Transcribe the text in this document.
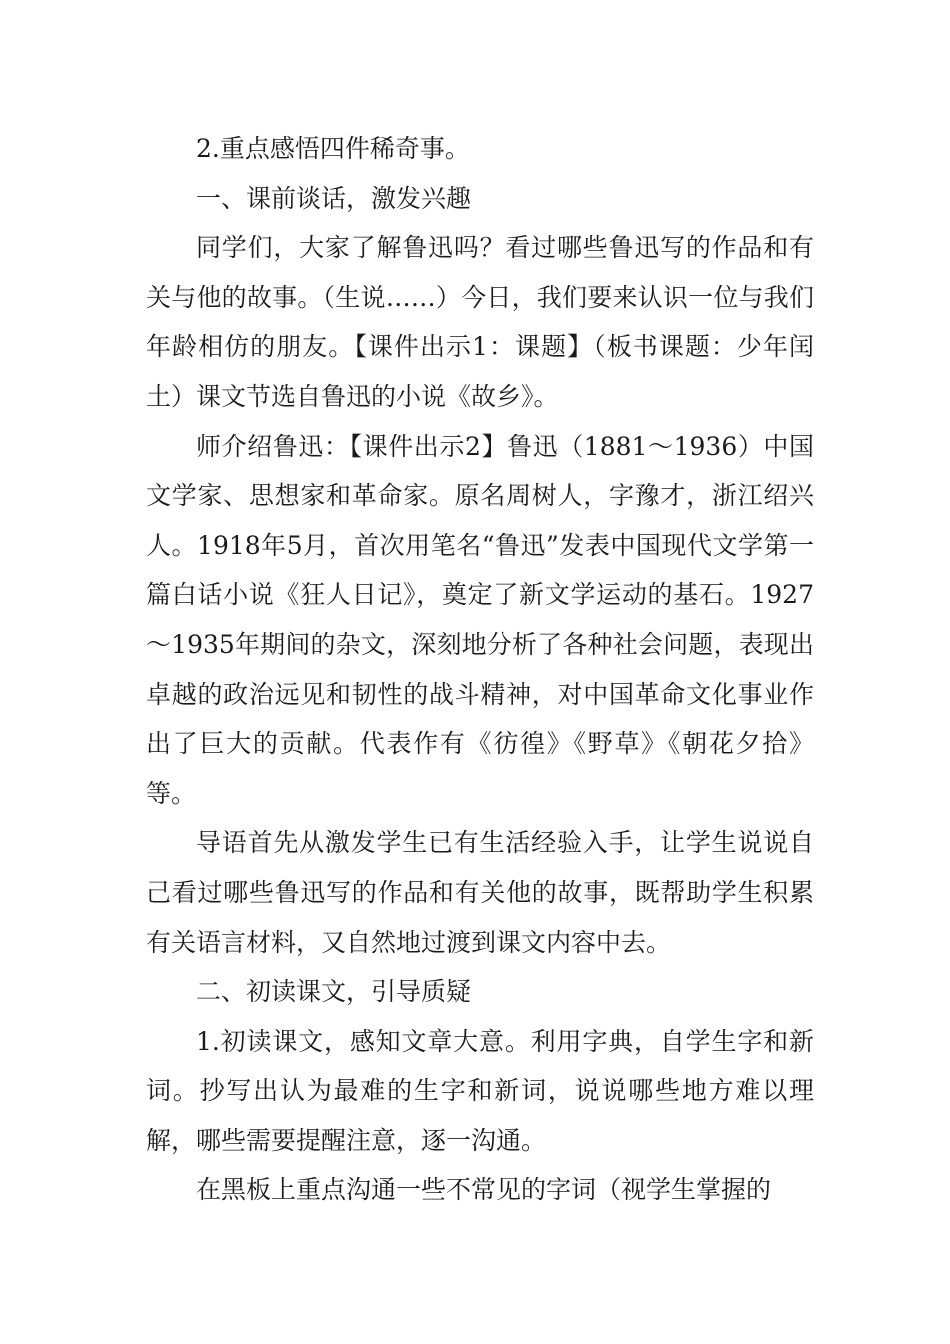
2.重点感悟四件稀奇事。

一、课前谈话，激发兴趣

同学们，大家了解鲁迅吗？看过哪些鲁迅写的作品和有关与他的故事。（生说……）今日，我们要来认识一位与我们年龄相仿的朋友。【课件出示1：课题】（板书课题：少年闰土）课文节选自鲁迅的小说《故乡》。

师介绍鲁迅：【课件出示2】鲁迅（1881～1936）中国文学家、思想家和革命家。原名周树人，字豫才，浙江绍兴人。1918年5月，首次用笔名“鲁迅”发表中国现代文学第一篇白话小说《狂人日记》，奠定了新文学运动的基石。1927～1935年期间的杂文，深刻地分析了各种社会问题，表现出卓越的政治远见和韧性的战斗精神，对中国革命文化事业作出了巨大的贡献。代表作有《彷徨》《野草》《朝花夕拾》等。

导语首先从激发学生已有生活经验入手，让学生说说自己看过哪些鲁迅写的作品和有关他的故事，既帮助学生积累有关语言材料，又自然地过渡到课文内容中去。

二、初读课文，引导质疑

1.初读课文，感知文章大意。利用字典，自学生字和新词。抄写出认为最难的生字和新词，说说哪些地方难以理解，哪些需要提醒注意，逐一沟通。

在黑板上重点沟通一些不常见的字词（视学生掌握的
